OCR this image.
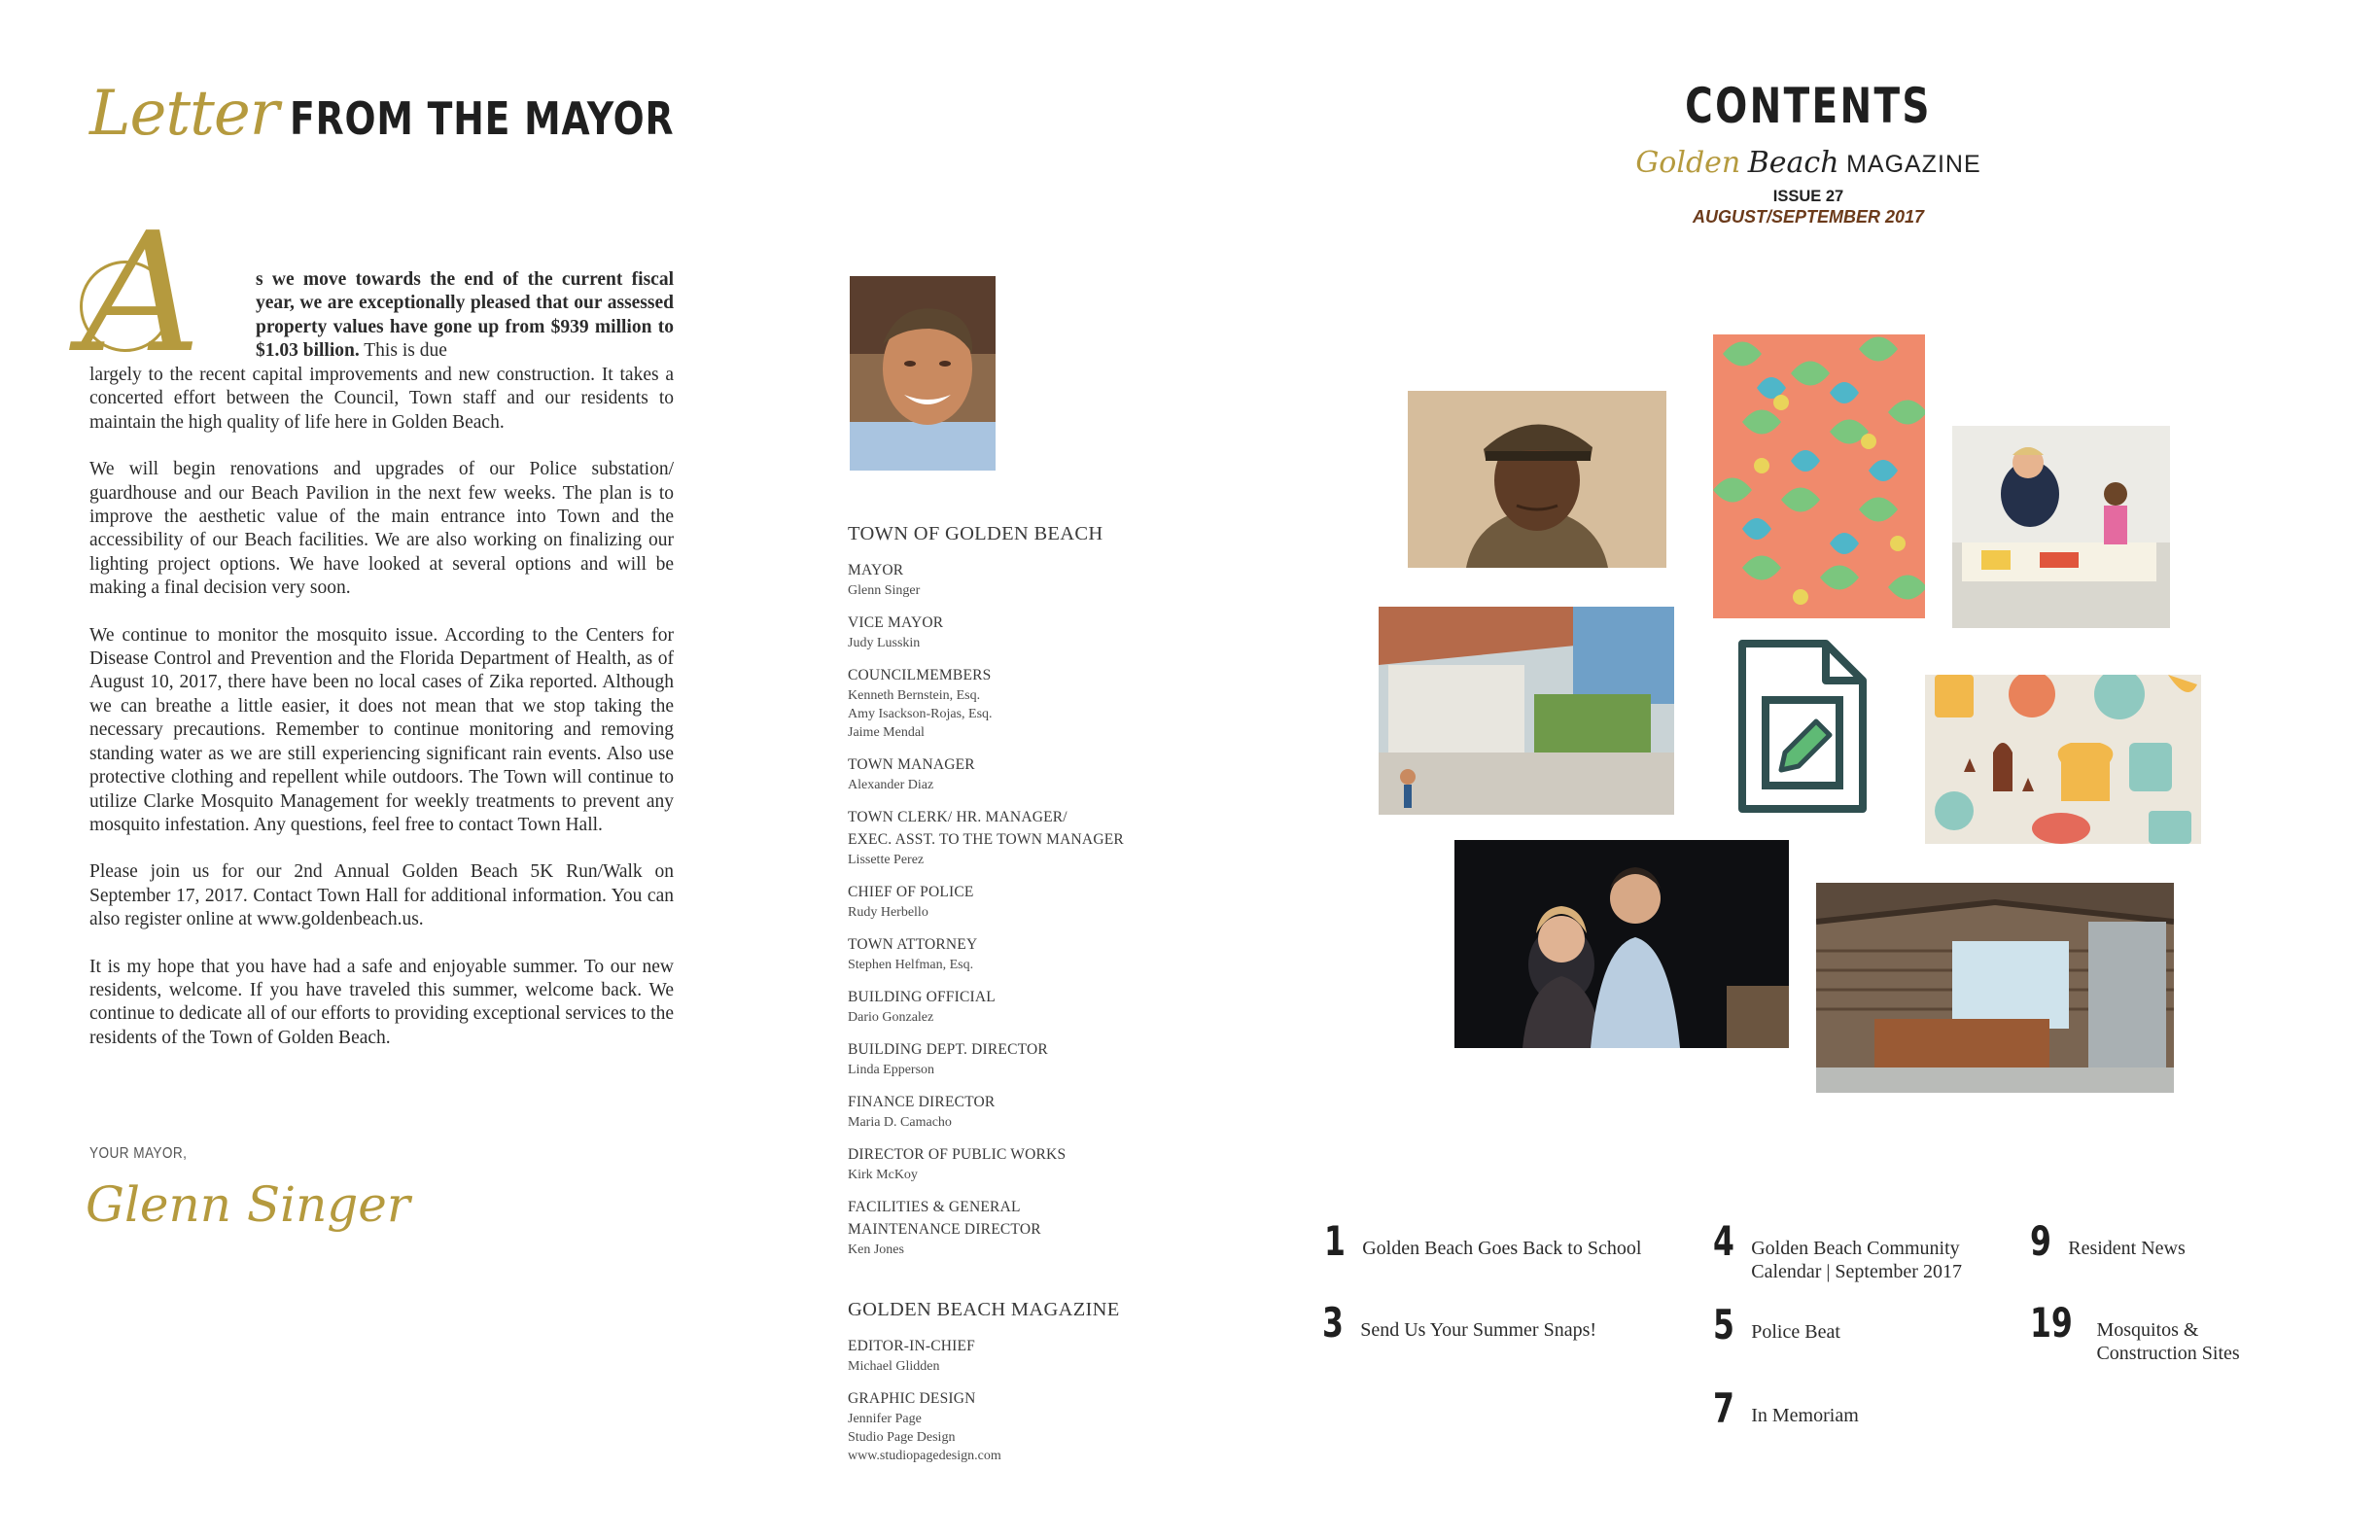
Letter FROM THE MAYOR
A	s we move towards the end of the current fiscal year, we are exceptionally pleased that our assessed property values have gone up from $939 million to $1.03 billion. This is due

largely to the recent capital improvements and new construction. It takes a concerted effort between the Council, Town staff and our residents to maintain the high quality of life here in Golden Beach.

We will begin renovations and upgrades of our Police substation/ guardhouse and our Beach Pavilion in the next few weeks. The plan is to improve the aesthetic value of the main entrance into Town and the accessibility of our Beach facilities. We are also working on finalizing our lighting project options. We have looked at several options and will be making a final decision very soon.

We continue to monitor the mosquito issue. According to the Centers for Disease Control and Prevention and the Florida Department of Health, as of August 10, 2017, there have been no local cases of Zika reported. Although we can breathe a little easier, it does not mean that we stop taking the necessary precautions. Remember to continue monitoring and removing standing water as we are still experiencing significant rain events. Also use protective clothing and repellent while outdoors. The Town will continue to utilize Clarke Mosquito Management for weekly treatments to prevent any mosquito infestation. Any questions, feel free to contact Town Hall.

Please join us for our 2nd Annual Golden Beach 5K Run/Walk on September 17, 2017. Contact Town Hall for additional information. You can also register online at www.goldenbeach.us.

It is my hope that you have had a safe and enjoyable summer. To our new residents, welcome. If you have traveled this summer, welcome back. We continue to dedicate all of our efforts to providing exceptional services to the residents of the Town of Golden Beach.

YOUR MAYOR,
Glenn Singer
TOWN OF GOLDEN BEACH
MAYOR
Glenn Singer
VICE MAYOR
Judy Lusskin
COUNCILMEMBERS
Kenneth Bernstein, Esq.
Amy Isackson-Rojas, Esq.
Jaime Mendal
TOWN MANAGER
Alexander Diaz
TOWN CLERK/ HR. MANAGER/
EXEC. ASST. TO THE TOWN MANAGER
Lissette Perez
CHIEF OF POLICE
Rudy Herbello
TOWN ATTORNEY
Stephen Helfman, Esq.
BUILDING OFFICIAL
Dario Gonzalez
BUILDING DEPT. DIRECTOR
Linda Epperson
FINANCE DIRECTOR
Maria D. Camacho
DIRECTOR OF PUBLIC WORKS
Kirk McKoy
FACILITIES & GENERAL
MAINTENANCE DIRECTOR
Ken Jones
GOLDEN BEACH MAGAZINE
EDITOR-IN-CHIEF
Michael Glidden
GRAPHIC DESIGN
Jennifer Page
Studio Page Design
www.studiopagedesign.com
CONTENTS
Golden Beach MAGAZINE
ISSUE 27
AUGUST/SEPTEMBER 2017
1 Golden Beach Goes Back to School
3 Send Us Your Summer Snaps!
4 Golden Beach Community
Calendar | September 2017
5 Police Beat
7 In Memoriam
9 Resident News
19 Mosquitos &
Construction Sites
